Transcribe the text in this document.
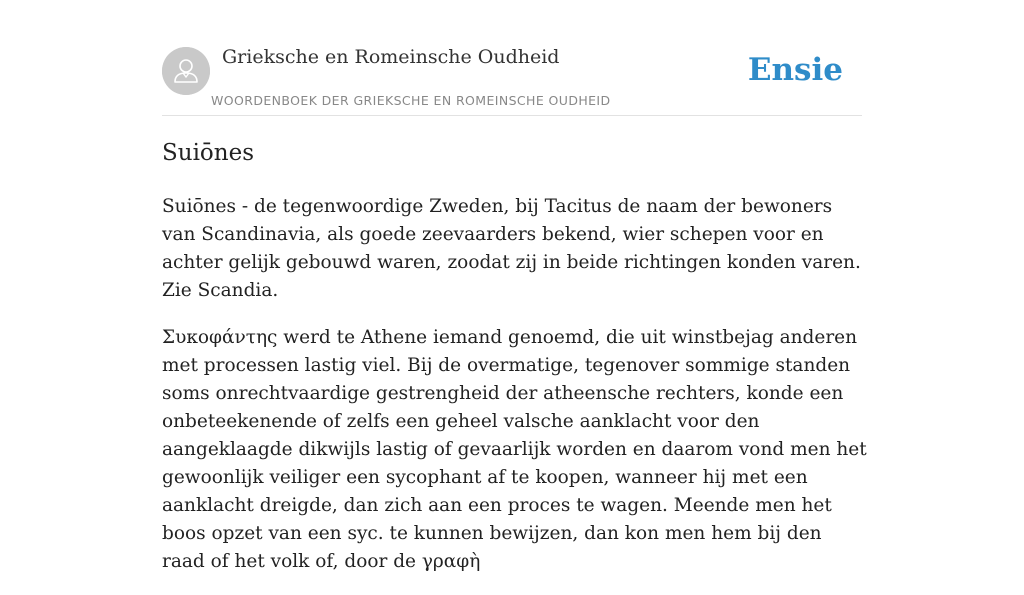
Grieksche en Romeinsche Oudheid
WOORDENBOEK DER GRIEKSCHE EN ROMEINSCHE OUDHEID
Ensie
Suiōnes

Suiōnes - de tegenwoordige Zweden, bij Tacitus de naam der bewoners van Scandinavia, als goede zeevaarders bekend, wier schepen voor en achter gelijk gebouwd waren, zoodat zij in beide richtingen konden varen. Zie Scandia.

Συκοφάντης werd te Athene iemand genoemd, die uit winstbejag anderen met processen lastig viel. Bij de overmatige, tegenover sommige standen soms onrechtvaardige gestrengheid der atheensche rechters, konde een onbeteekenende of zelfs een geheel valsche aanklacht voor den aangeklaagde dikwijls lastig of gevaarlijk worden en daarom vond men het gewoonlijk veiliger een sycophant af te koopen, wanneer hij met een aanklacht dreigde, dan zich aan een proces te wagen. Meende men het boos opzet van een syc. te kunnen bewijzen, dan kon men hem bij den raad of het volk of, door de γραφὴ
